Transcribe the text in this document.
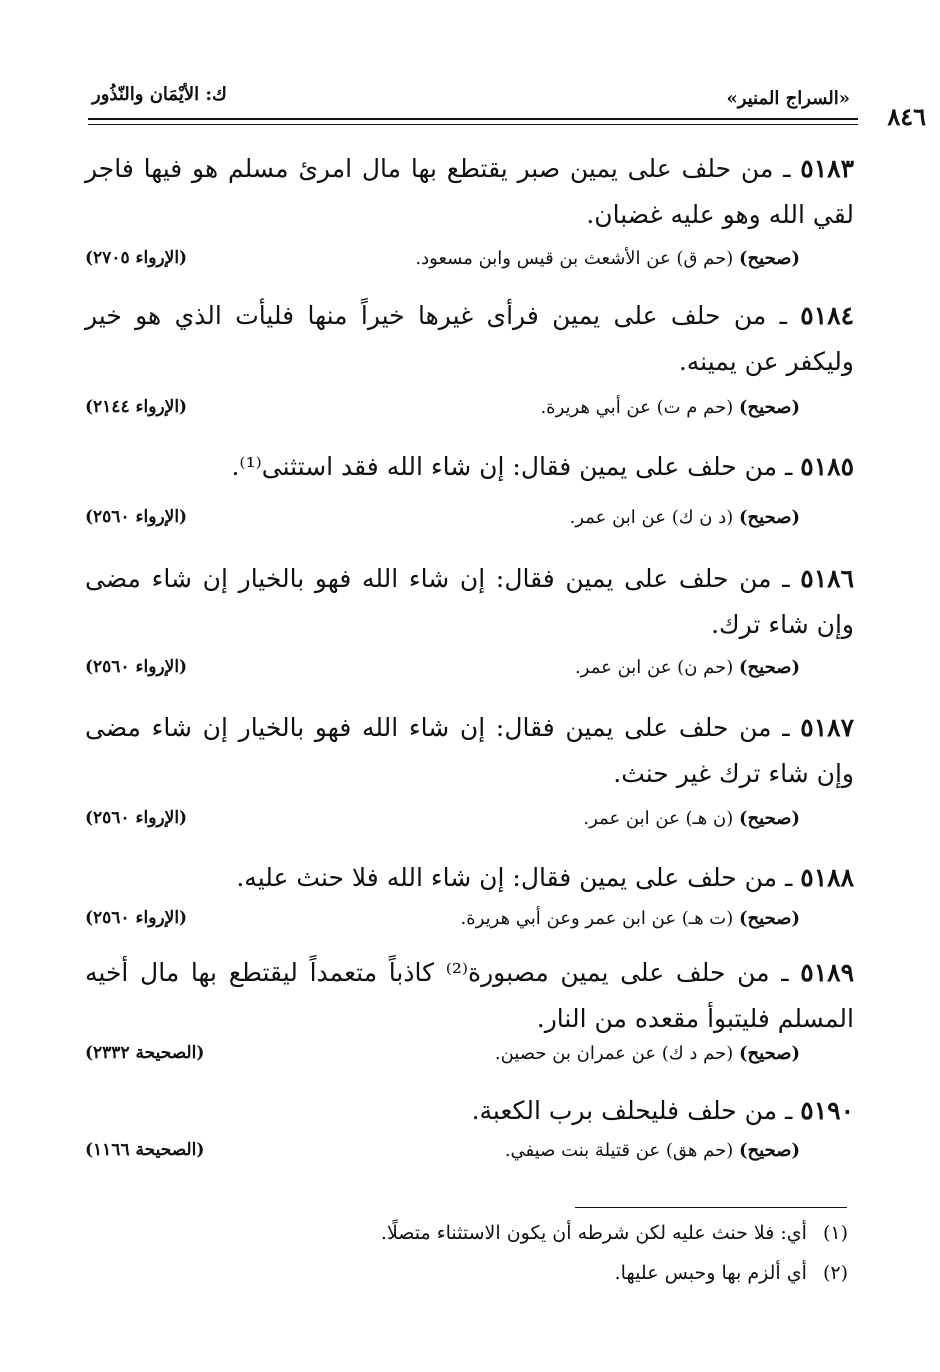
٨٤٦
«السراج المنير»
ك: الأيْمَان والنّذُور

٥١٨٣ ـ من حلف على يمين صبر يقتطع بها مال امرئ مسلم هو فيها فاجر لقي الله وهو عليه غضبان.

(صحيح) (حم ق) عن الأشعث بن قيس وابن مسعود.
(الإرواء ٢٧٠٥)

٥١٨٤ ـ من حلف على يمين فرأى غيرها خيراً منها فليأت الذي هو خير وليكفر عن يمينه.

(صحيح) (حم م ت) عن أبي هريرة.
(الإرواء ٢١٤٤)

٥١٨٥ ـ من حلف على يمين فقال: إن شاء الله فقد استثنى⁽¹⁾.

(صحيح) (د ن ك) عن ابن عمر.
(الإرواء ٢٥٦٠)

٥١٨٦ ـ من حلف على يمين فقال: إن شاء الله فهو بالخيار إن شاء مضى وإن شاء ترك.

(صحيح) (حم ن) عن ابن عمر.
(الإرواء ٢٥٦٠)

٥١٨٧ ـ من حلف على يمين فقال: إن شاء الله فهو بالخيار إن شاء مضى وإن شاء ترك غير حنث.

(صحيح) (ن هـ) عن ابن عمر.
(الإرواء ٢٥٦٠)

٥١٨٨ ـ من حلف على يمين فقال: إن شاء الله فلا حنث عليه.

(صحيح) (ت هـ) عن ابن عمر وعن أبي هريرة.
(الإرواء ٢٥٦٠)

٥١٨٩ ـ من حلف على يمين مصبورة⁽²⁾ كاذباً متعمداً ليقتطع بها مال أخيه المسلم فليتبوأ مقعده من النار.

(صحيح) (حم د ك) عن عمران بن حصين.
(الصحيحة ٢٣٣٢)

٥١٩٠ ـ من حلف فليحلف برب الكعبة.

(صحيح) (حم هق) عن قتيلة بنت صيفي.
(الصحيحة ١١٦٦)
(١) أي: فلا حنث عليه لكن شرطه أن يكون الاستثناء متصلًا.
(٢) أي ألزم بها وحبس عليها.
